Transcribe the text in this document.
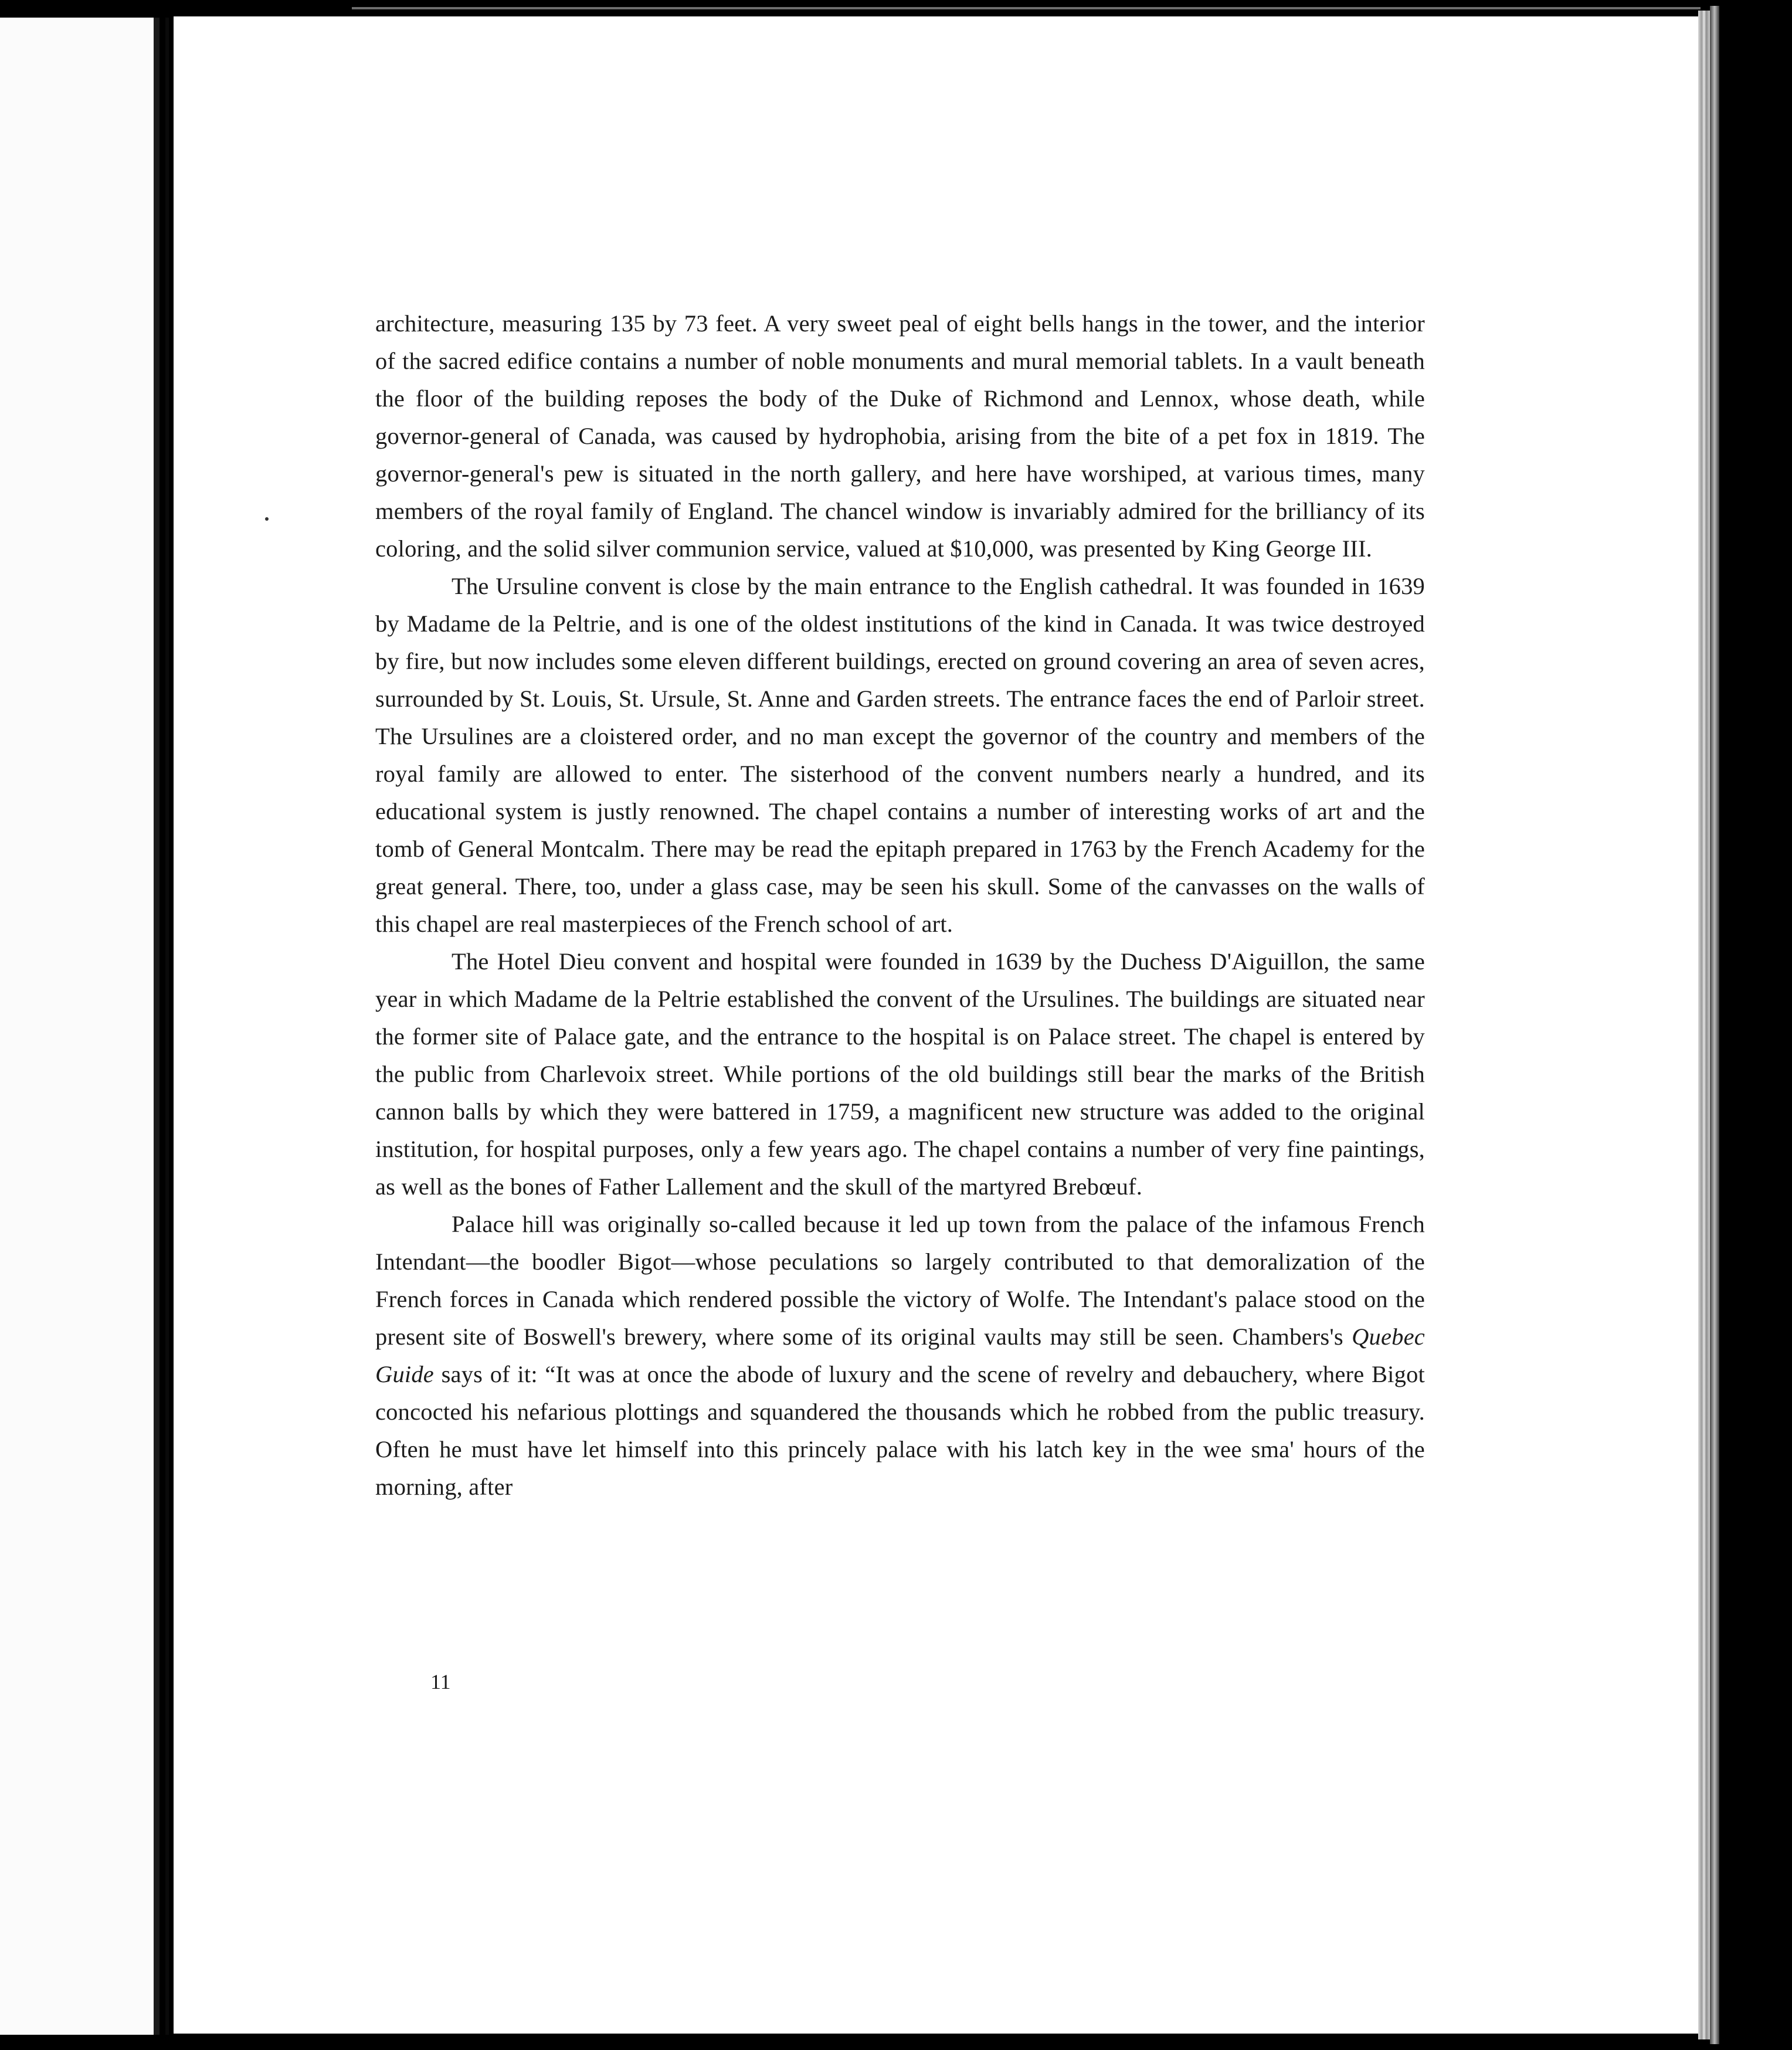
architecture, measuring 135 by 73 feet. A very sweet peal of eight bells hangs in the tower, and the interior of the sacred edifice contains a number of noble monuments and mural memorial tablets. In a vault beneath the floor of the building reposes the body of the Duke of Richmond and Lennox, whose death, while governor-general of Canada, was caused by hydrophobia, arising from the bite of a pet fox in 1819. The governor-general's pew is situated in the north gallery, and here have worshiped, at various times, many members of the royal family of England. The chancel window is invariably admired for the brilliancy of its coloring, and the solid silver communion service, valued at $10,000, was presented by King George III.

The Ursuline convent is close by the main entrance to the English cathedral. It was founded in 1639 by Madame de la Peltrie, and is one of the oldest institutions of the kind in Canada. It was twice destroyed by fire, but now includes some eleven different buildings, erected on ground covering an area of seven acres, surrounded by St. Louis, St. Ursule, St. Anne and Garden streets. The entrance faces the end of Parloir street. The Ursulines are a cloistered order, and no man except the governor of the country and members of the royal family are allowed to enter. The sisterhood of the convent numbers nearly a hundred, and its educational system is justly renowned. The chapel contains a number of interesting works of art and the tomb of General Montcalm. There may be read the epitaph prepared in 1763 by the French Academy for the great general. There, too, under a glass case, may be seen his skull. Some of the canvasses on the walls of this chapel are real masterpieces of the French school of art.

The Hotel Dieu convent and hospital were founded in 1639 by the Duchess D'Aiguillon, the same year in which Madame de la Peltrie established the convent of the Ursulines. The buildings are situated near the former site of Palace gate, and the entrance to the hospital is on Palace street. The chapel is entered by the public from Charlevoix street. While portions of the old buildings still bear the marks of the British cannon balls by which they were battered in 1759, a magnificent new structure was added to the original institution, for hospital purposes, only a few years ago. The chapel contains a number of very fine paintings, as well as the bones of Father Lallement and the skull of the martyred Brebœuf.

Palace hill was originally so-called because it led up town from the palace of the infamous French Intendant—the boodler Bigot—whose peculations so largely contributed to that demoralization of the French forces in Canada which rendered possible the victory of Wolfe. The Intendant's palace stood on the present site of Boswell's brewery, where some of its original vaults may still be seen. Chambers's Quebec Guide says of it: “It was at once the abode of luxury and the scene of revelry and debauchery, where Bigot concocted his nefarious plottings and squandered the thousands which he robbed from the public treasury. Often he must have let himself into this princely palace with his latch key in the wee sma' hours of the morning, after

11
